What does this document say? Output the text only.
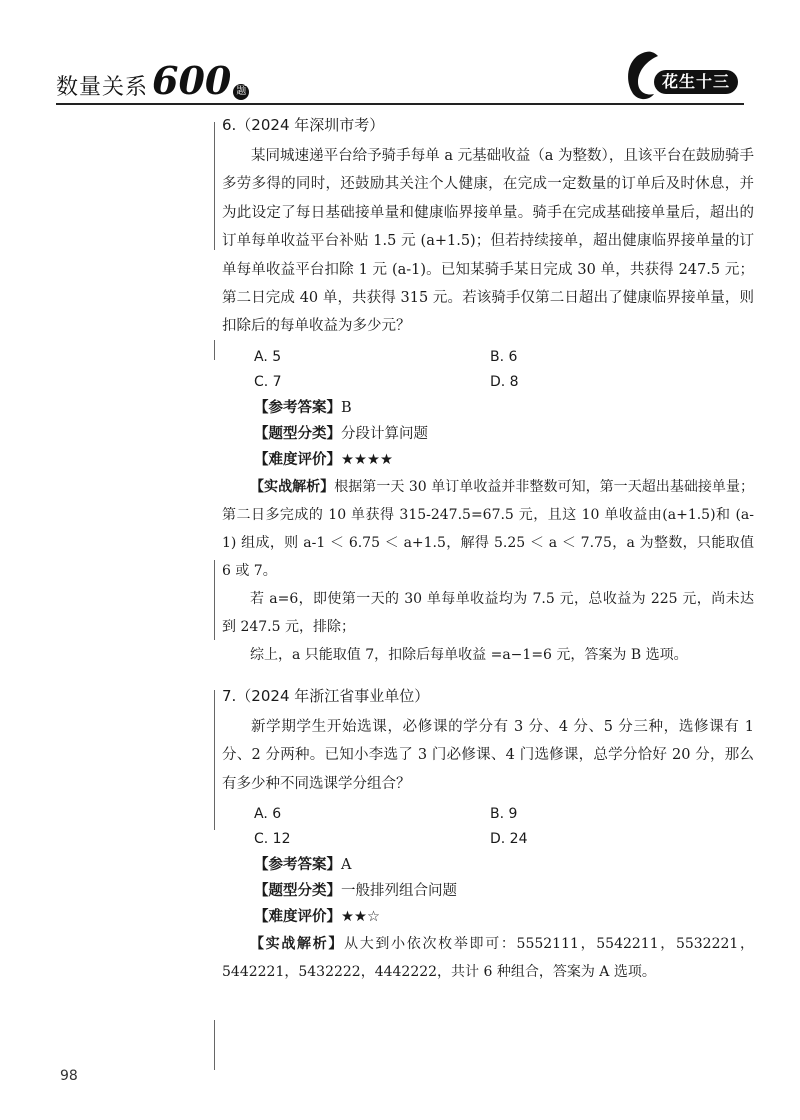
数量关系 600 题
花生十三

6.（2024 年深圳市考）

某同城速递平台给予骑手每单 a 元基础收益（a 为整数），且该平台在鼓励骑手多劳多得的同时，还鼓励其关注个人健康，在完成一定数量的订单后及时休息，并为此设定了每日基础接单量和健康临界接单量。骑手在完成基础接单量后，超出的订单每单收益平台补贴 1.5 元 (a+1.5)；但若持续接单，超出健康临界接单量的订单每单收益平台扣除 1 元 (a-1)。已知某骑手某日完成 30 单，共获得 247.5 元；第二日完成 40 单，共获得 315 元。若该骑手仅第二日超出了健康临界接单量，则扣除后的每单收益为多少元？

A. 5	B. 6
C. 7	D. 8
【参考答案】B
【题型分类】分段计算问题
【难度评价】★★★★

【实战解析】根据第一天 30 单订单收益并非整数可知，第一天超出基础接单量；第二日多完成的 10 单获得 315-247.5=67.5 元，且这 10 单收益由(a+1.5)和 (a-1) 组成，则 a-1 ＜ 6.75 ＜ a+1.5，解得 5.25 ＜ a ＜ 7.75，a 为整数，只能取值 6 或 7。

若 a=6，即使第一天的 30 单每单收益均为 7.5 元，总收益为 225 元，尚未达到 247.5 元，排除；

综上，a 只能取值 7，扣除后每单收益 =a−1=6 元，答案为 B 选项。

7.（2024 年浙江省事业单位）

新学期学生开始选课，必修课的学分有 3 分、4 分、5 分三种，选修课有 1 分、2 分两种。已知小李选了 3 门必修课、4 门选修课，总学分恰好 20 分，那么有多少种不同选课学分组合？

A. 6	B. 9
C. 12	D. 24
【参考答案】A
【题型分类】一般排列组合问题
【难度评价】★★☆

【实战解析】从大到小依次枚举即可：5552111，5542211，5532221，5442221，5432222，4442222，共计 6 种组合，答案为 A 选项。

98
